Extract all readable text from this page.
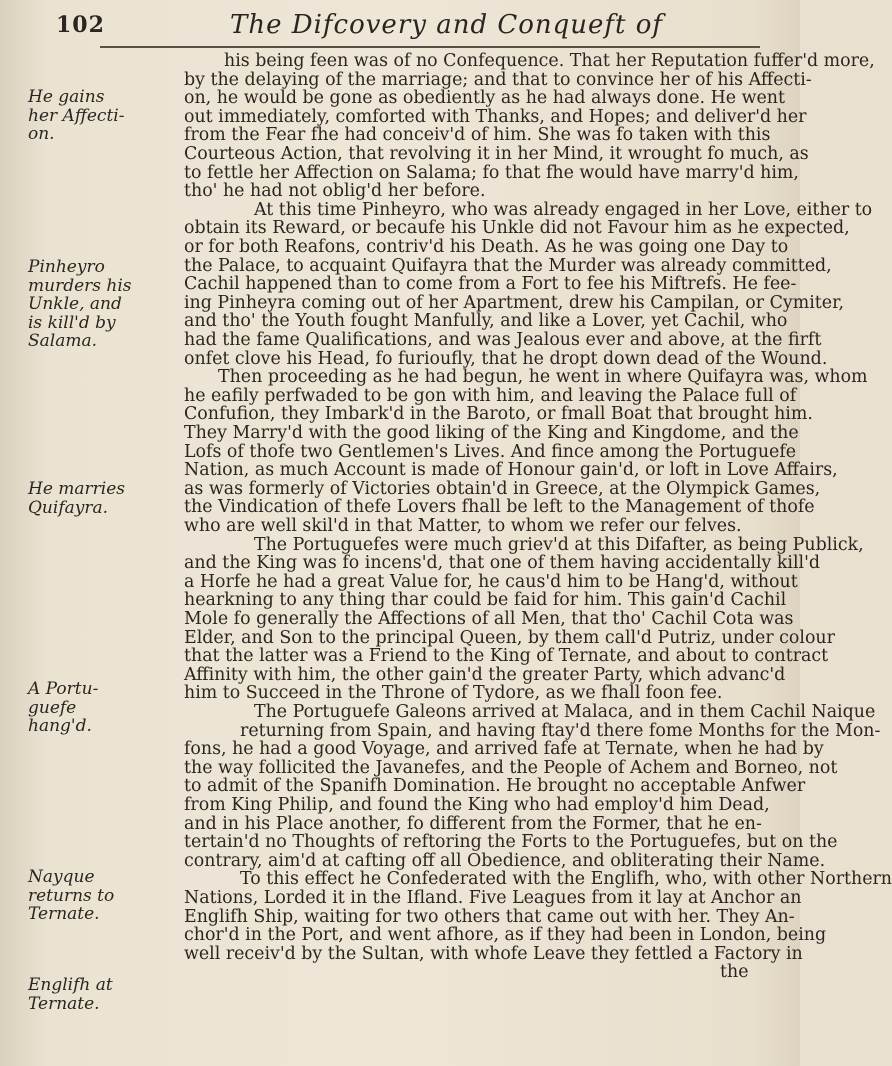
102	The Difcovery and Conqueft of
his being feen was of no Confequence. That her Reputation fuffer'd more,
by the delaying of the marriage; and that to convince her of his Affecti-
on, he would be gone as obediently as he had always done. He went
out immediately, comforted with Thanks, and Hopes; and deliver'd her
from the Fear fhe had conceiv'd of him. She was fo taken with this
Courteous Action, that revolving it in her Mind, it wrought fo much, as
to fettle her Affection on Salama; fo that fhe would have marry'd him,
tho' he had not oblig'd her before.
At this time Pinheyro, who was already engaged in her Love, either to
obtain its Reward, or becaufe his Unkle did not Favour him as he expected,
or for both Reafons, contriv'd his Death. As he was going one Day to
the Palace, to acquaint Quifayra that the Murder was already committed,
Cachil happened than to come from a Fort to fee his Miftrefs. He fee-
ing Pinheyra coming out of her Apartment, drew his Campilan, or Cymiter,
and tho' the Youth fought Manfully, and like a Lover, yet Cachil, who
had the fame Qualifications, and was Jealous ever and above, at the firft
onfet clove his Head, fo furioufly, that he dropt down dead of the Wound.
Then proceeding as he had begun, he went in where Quifayra was, whom
he eafily perfwaded to be gon with him, and leaving the Palace full of
Confufion, they Imbark'd in the Baroto, or fmall Boat that brought him.
They Marry'd with the good liking of the King and Kingdome, and the
Lofs of thofe two Gentlemen's Lives. And fince among the Portuguefe
Nation, as much Account is made of Honour gain'd, or loft in Love Affairs,
as was formerly of Victories obtain'd in Greece, at the Olympick Games,
the Vindication of thefe Lovers fhall be left to the Management of thofe
who are well skil'd in that Matter, to whom we refer our felves.
The Portuguefes were much griev'd at this Difafter, as being Publick,
and the King was fo incens'd, that one of them having accidentally kill'd
a Horfe he had a great Value for, he caus'd him to be Hang'd, without
hearkning to any thing thar could be faid for him. This gain'd Cachil
Mole fo generally the Affections of all Men, that tho' Cachil Cota was
Elder, and Son to the principal Queen, by them call'd Putriz, under colour
that the latter was a Friend to the King of Ternate, and about to contract
Affinity with him, the other gain'd the greater Party, which advanc'd
him to Succeed in the Throne of Tydore, as we fhall foon fee.
The Portuguefe Galeons arrived at Malaca, and in them Cachil Naique
returning from Spain, and having ftay'd there fome Months for the Mon-
fons, he had a good Voyage, and arrived fafe at Ternate, when he had by
the way follicited the Javanefes, and the People of Achem and Borneo, not
to admit of the Spanifh Domination. He brought no acceptable Anfwer
from King Philip, and found the King who had employ'd him Dead,
and in his Place another, fo different from the Former, that he en-
tertain'd no Thoughts of reftoring the Forts to the Portuguefes, but on the
contrary, aim'd at cafting off all Obedience, and obliterating their Name.
To this effect he Confederated with the Englifh, who, with other Northern
Nations, Lorded it in the Ifland. Five Leagues from it lay at Anchor an
Englifh Ship, waiting for two others that came out with her. They An-
chor'd in the Port, and went afhore, as if they had been in London, being
well receiv'd by the Sultan, with whofe Leave they fettled a Factory in
the
He gains
her Affecti-
on.
Pinheyro
murders his
Unkle, and
is kill'd by
Salama.
He marries
Quifayra.
A Portu-
guefe
hang'd.
Nayque
returns to
Ternate.
Englifh at
Ternate.
